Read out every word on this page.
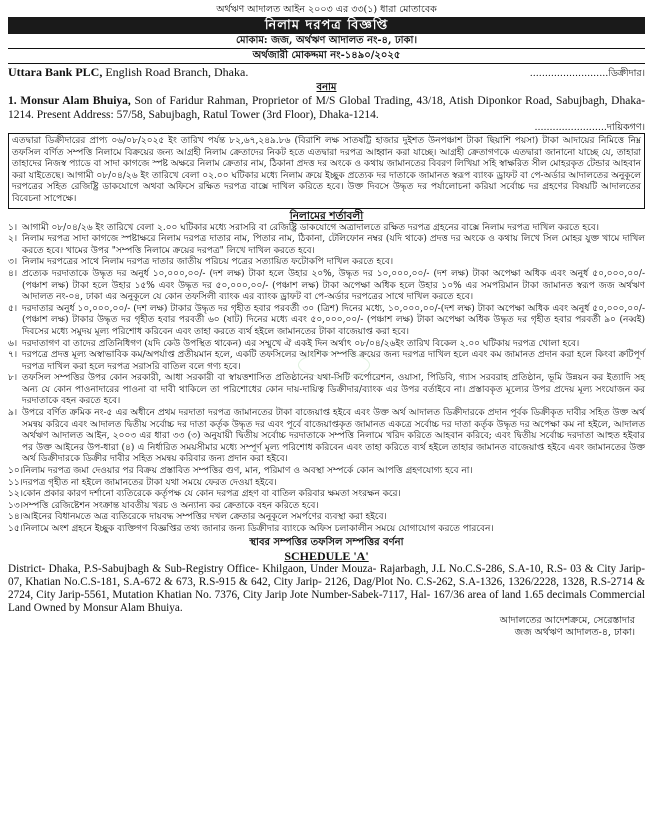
অর্থঋণ আদালত আইন ২০০৩ এর ৩৩(১) ধারা মোতাবেক
নিলাম দরপত্র বিজ্ঞপ্তি
মোকাম: জজ, অর্থঋণ আদালত নং-৪, ঢাকা।
অর্থজারী মোকদ্দমা নং-১৪৯০/২০২৫
Uttara Bank PLC, English Road Branch, Dhaka.	..........................ডিক্রীদার।
বনাম
1. Monsur Alam Bhuiya, Son of Faridur Rahman, Proprietor of M/S Global Trading, 43/18, Atish Diponkor Road, Sabujbagh, Dhaka-1214. Present Address: 57/58, Sabujbagh, Ratul Tower (3rd Floor), Dhaka-1214.
........................দায়িকগণ।
এতদ্বারা ডিক্রীদারের প্রাপ্য ০৬/০৮/২০২৫ ইং তারিখ পর্যন্ত ৮২,৬৭,২৪৯.৮৬ (বিরাশি লক্ষ সাতষট্টি হাজার দুইশত উনপঞ্চাশ টাকা ছিয়াশি পয়সা) টাকা আদায়ের নিমিত্তে নিম্ন তফসিল বর্ণিত সম্পত্তি নিলামে বিক্রয়ের জন্য আগ্রহী নিলাম ক্রেতাদের নিকট হতে এতদ্বারা দরপত্র আহ্বান করা যাচ্ছে। আগ্রহী ক্রেতাগণকে এতদ্বারা জানানো যাচ্ছে যে, তাহারা তাহাদের নিজস্ব প্যাডে বা সাদা কাগজে স্পষ্ট অক্ষরে নিলাম ক্রেতার নাম, ঠিকানা প্রদত্ত দর অংকে ও কথায় জামানতের বিবরণ লিখিয়া সহি স্বাক্ষরিত সীল মোহরকৃত টেন্ডার আহবান করা যাইতেছে। আগামী ০৮/০৪/২৬ ইং তারিখে বেলা ০২.০০ ঘটিকার মধ্যে নিলাম ক্রয়ে ইচ্ছুক প্রত্যেক দর দাতাকে জামানত স্বরূপ ব্যাংক ড্রাফট বা পে-অর্ডার আদালতের অনুকূলে দরপত্রের সহিত রেজিষ্ট্রি ডাকযোগে অথবা অফিসে রক্ষিত দরপত্র বাক্সে দাখিল করিতে হবে। উক্ত দিবসে উদ্ধৃত দর পর্যালোচনা করিয়া সর্বোচ্চ দর গ্রহণের বিষয়টি আদালতের বিবেচনা সাপেক্ষে।
নিলামের শর্তাবলী
১। আগামী ০৮/০৪/২৬ ইং তারিখে বেলা ২.০০ ঘটিকার মধ্যে সরাসরি বা রেজিষ্ট্রি ডাকযোগে অত্রাদালতে রক্ষিত দরপত্র গ্রহনের বাক্সে নিলাম দরপত্র দাখিল করতে হবে।
২। নিলাম দরপত্র সাদা কাগজে স্পষ্টাক্ষরে নিলাম দরপত্র দাতার নাম, পিতার নাম, ঠিকানা, টেলিফোন নম্বর (যদি থাকে) প্রদত্ত দর অংকে ও কথায় লিখে সিল মোহর যুক্ত খামে দাখিল করতে হবে। খামের উপর "সম্পত্তি নিলামে ক্রয়ের দরপত্র" লিখে দাখিল করতে হবে।
৩। নিলাম দরপত্রের সাথে নিলাম দরপত্র দাতার জাতীয় পরিচয় পত্রের সত্যায়িত ফটোকপি দাখিল করতে হবে।
৪। প্রত্যেক দরদাতাকে উদ্ধৃত দর অনুর্ধ ১০,০০০,০০/- (দশ লক্ষ) টাকা হলে উহার ২০%, উদ্ধৃত দর ১০,০০০,০০/- (দশ লক্ষ) টাকা অপেক্ষা অধিক এবং অনুর্ধ ৫০,০০০,০০/- (পঞ্চাশ লক্ষ) টাকা হলে উহার ১৫% এবং উদ্ধৃত দর ৫০,০০০,০০/- (পঞ্চাশ লক্ষ) টাকা অপেক্ষা অধিক হলে উহার ১০% এর সমপরিমান টাকা জামানত স্বরূপ জজ অর্থঋণ আদালত নং-০৪, ঢাকা এর অনুকূলে যে কোন তফসিলী ব্যাংক এর ব্যাংক ড্রাফট বা পে-অর্ডার দরপত্রের সাথে দাখিল করতে হবে।
৫। দরদাতার অনুর্ধ ১০,০০০,০০/- (দশ লক্ষ) টাকার উদ্ধৃত দর গৃহীত হবার পরবর্তী ৩০ (ত্রিশ) দিনের মধ্যে, ১০,০০০,০০/-(দশ লক্ষ) টাকা অপেক্ষা অধিক এবং অনুর্ধ ৫০,০০০,০০/- (পঞ্চাশ লক্ষ) টাকার উদ্ধৃত দর গৃহীত হবার পরবর্তী ৬০ (ষাট) দিনের মধ্যে এবং ৫০,০০০,০০/- (পঞ্চাশ লক্ষ) টাকা অপেক্ষা অধিক উদ্ধৃত দর গৃহীত হবার পরবর্তী ৯০ (নব্বই) দিবসের মধ্যে সমুদয় মূল্য পরিশোধ করিবেন এবং তাহা করতে ব্যর্থ হইলে জামানতের টাকা বাজেয়াপ্ত করা হবে।
৬। দরদাতাগণ বা তাদের প্রতিনিধিগণ (যদি কেউ উপস্থিত থাকেন) এর সম্মুখে ঐ একই দিন অর্থাৎ ০৮/০৪/২৬ইং তারিখ বিকেল ২.০০ ঘটিকায় দরপত্র খোলা হবে।
৭। দরপত্রে প্রদত্ত মূল্য অস্বাভাবিক কম/অপর্যাপ্ত প্রতীয়মান হলে, একটি তফসিলের আংশিক সম্পত্তি ক্রয়ের জন্য দরপত্র দাখিল হলে এবং কম জামানত প্রদান করা হলে কিংবা ক্রটিপূর্ণ দরপত্র দাখিল করা হলে দরপত্র সরাসরি বাতিল বলে গণ্য হবে।
৮। তফসিল সম্পত্তির উপর কোন সরকারী, আধা সরকারী বা স্বায়ত্তশাসিত প্রতিষ্ঠানের যথা-সিটি কর্পোরেশন, ওয়াসা, পিডিবি, গ্যাস সরবরাহ প্রতিষ্ঠান, ভূমি উন্নয়ন কর ইত্যাদি সহ অন্য যে কোন পাওনাদারের পাওনা বা দাবী থাকিলে তা পরিশোধের কোন দায়-দায়িত্ব ডিক্রীদার/ব্যাংক এর উপর বর্তাইবে না। প্রস্তাবকৃত মূল্যের উপর প্রদেয় মূল্য সংযোজন কর দরদাতাকে বহন করতে হবে।
৯। উপরে বর্ণিত ক্রমিক নং-৫ এর অধীনে প্রথম দরদাতা দরপত্র জামানতের টাকা বাজেয়াপ্ত হইবে এবং উক্ত অর্থ আদালত ডিক্রীদারকে প্রদান পূর্বক ডিক্রীকৃত দাবীর সহিত উক্ত অর্থ সমন্বয় করিবে এবং আদালত দ্বিতীয় সর্বোচ্চ দর দাতা কর্তৃক উদ্ধৃত দর এবং পূর্বে বাজেয়াপ্তকৃত জামানত একত্রে সর্বোচ্চ দর দাতা কর্তৃক উদ্ধৃত দর অপেক্ষা কম না হইলে, আদালত অর্থঋণ আদালত আইন, ২০০৩ এর ধারা ৩৩ (৩) অনুযায়ী দ্বিতীয় সর্বোচ্চ দরদাতাকে সম্পত্তি নিলামে খরিদ করিতে আহবান করিবে; এবং দ্বিতীয় সর্বোচ্চ দরদাতা আহুত হইবার পর উক্ত আইনের উপ-ধারা (৪) এ নির্ধারিত সময়সীমার মধ্যে সম্পূর্ণ মূল্য পরিশোধ করিবেন এবং তাহা করিতে ব্যর্থ হইলে তাহার জামানত বাজেয়াপ্ত হইবে এবং জামানতের উক্ত অর্থ ডিক্রীদারকে ডিক্রীর দাবীর সহিত সমন্বয় করিবার জন্য প্রদান করা হইবে।
১০। নিলাম দরপত্র জমা দেওয়ার পর বিক্রয় প্রস্তাবিত সম্পত্তির গুণ, মান, পরিমাণ ও অবস্থা সম্পর্কে কোন আপত্তি গ্রহণযোগ্য হবে না।
১১। দরপত্র গৃহীত না হইলে জামানতের টাকা যথা সময়ে ফেরত দেওয়া হইবে।
১২। কোন প্রকার কারণ দর্শানো ব্যতিরেকে কর্তৃপক্ষ যে কোন দরপত্র গ্রহণ বা বাতিল করিবার ক্ষমতা সংরক্ষন করে।
১৩। সম্পত্তি রেজিষ্টেশন সংক্রান্ত যাবতীয় খরচ ও অন্যান্য কর ক্রেতাকে বহন করিতে হবে।
১৪। আইনের বিধানমতে অত্র ব্যতিরেকে দায়বদ্ধ সম্পত্তির দখল ক্রেতার অনুকূলে সমর্পণের ব্যবস্থা করা হইবে।
১৫। নিলামে অংশ গ্রহনে ইচ্ছুক ব্যক্তিগণ বিজ্ঞপ্তির তথ্য জানার জন্য ডিক্রীদার ব্যাংকে অফিস চলাকালীন সময়ে যোগাযোগ করতে পারবেন।
স্থাবর সম্পত্তির তফসিল সম্পত্তির বর্ণনা
SCHEDULE 'A'
District- Dhaka, P.S-Sabujbagh & Sub-Registry Office- Khilgaon, Under Mouza- Rajarbagh, J.L No.C.S-286, S.A-10, R.S- 03 & City Jarip-07, Khatian No.C.S-181, S.A-672 & 673, R.S-915 & 642, City Jarip- 2126, Dag/Plot No. C.S-262, S.A-1326, 1326/2228, 1328, R.S-2714 & 2724, City Jarip-5561, Mutation Khatian No. 7376, City Jarip Jote Number-Sabek-7117, Hal- 167/36 area of land 1.65 decimals Commercial Land Owned by Monsur Alam Bhuiya.
আদালতের আদেশক্রমে, সেরেস্তাদার
জজ অর্থঋণ আদালত-৪, ঢাকা।
